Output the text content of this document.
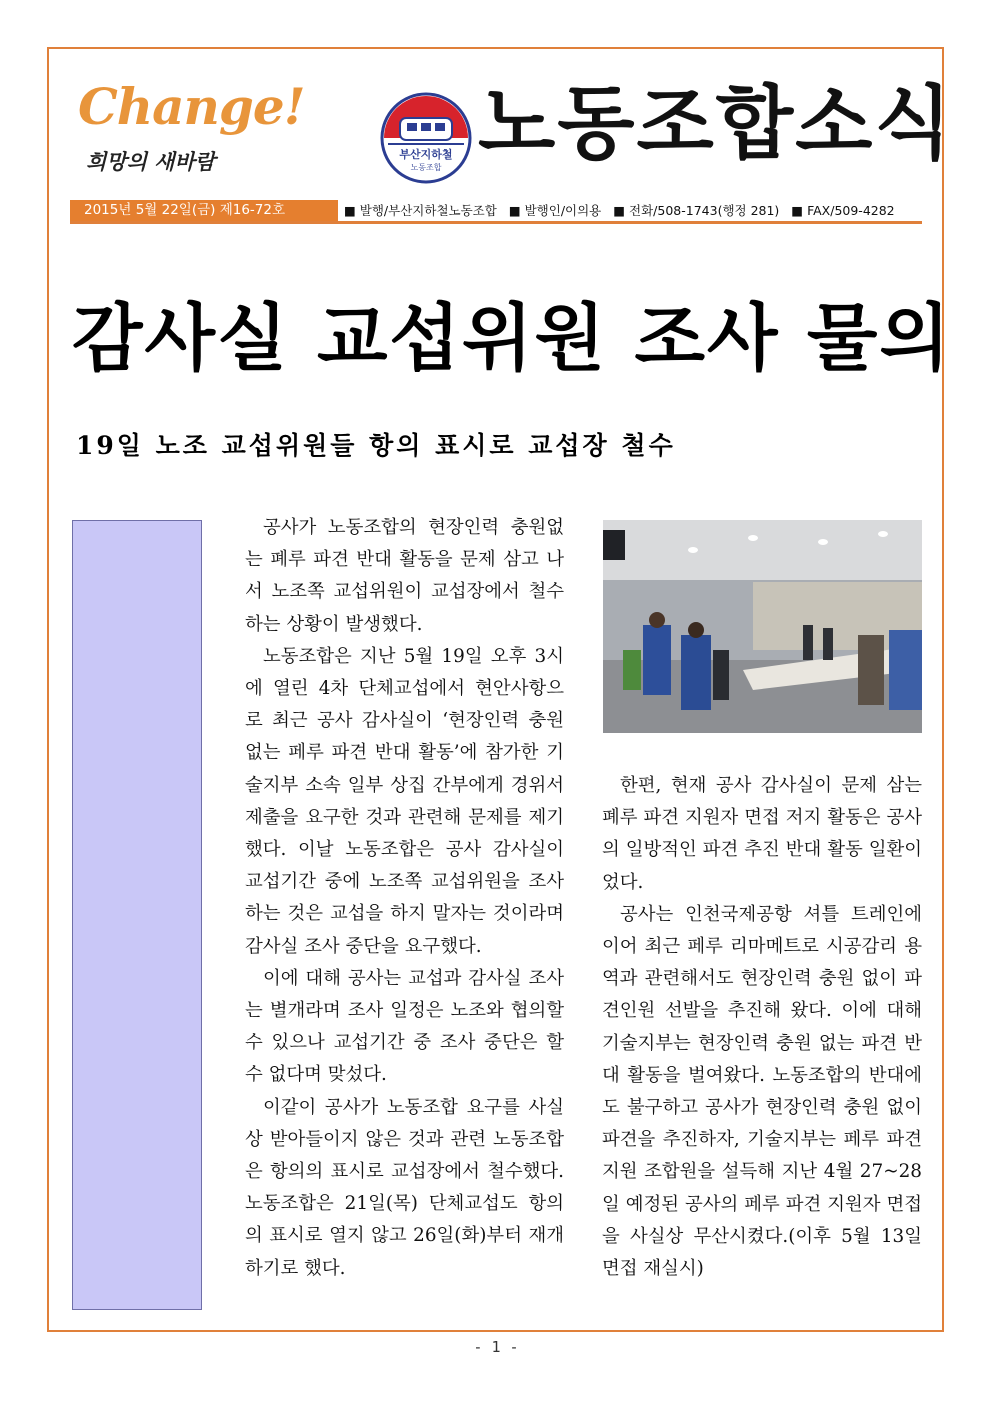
Change!
희망의 새바람	부산지하철
노동조합 노동조합소식
2015년 5월 22일(금) 제16-72호	■ 발행/부산지하철노동조합 ■ 발행인/이의용 ■ 전화/508-1743(행정 281) ■ FAX/509-4282
감사실 교섭위원 조사 물의
19일 노조 교섭위원들 항의 표시로 교섭장 철수

공사가 노동조합의 현장인력 충원없는 폐루 파견 반대 활동을 문제 삼고 나서 노조쪽 교섭위원이 교섭장에서 철수하는 상황이 발생했다.

노동조합은 지난 5월 19일 오후 3시에 열린 4차 단체교섭에서 현안사항으로 최근 공사 감사실이 ‘현장인력 충원 없는 페루 파견 반대 활동’에 참가한 기술지부 소속 일부 상집 간부에게 경위서 제출을 요구한 것과 관련해 문제를 제기했다. 이날 노동조합은 공사 감사실이 교섭기간 중에 노조쪽 교섭위원을 조사하는 것은 교섭을 하지 말자는 것이라며 감사실 조사 중단을 요구했다.

이에 대해 공사는 교섭과 감사실 조사는 별개라며 조사 일정은 노조와 협의할 수 있으나 교섭기간 중 조사 중단은 할 수 없다며 맞섰다.

이같이 공사가 노동조합 요구를 사실상 받아들이지 않은 것과 관련 노동조합은 항의의 표시로 교섭장에서 철수했다. 노동조합은 21일(목) 단체교섭도 항의의 표시로 열지 않고 26일(화)부터 재개하기로 했다.

한편, 현재 공사 감사실이 문제 삼는 폐루 파견 지원자 면접 저지 활동은 공사의 일방적인 파견 추진 반대 활동 일환이었다.

공사는 인천국제공항 셔틀 트레인에 이어 최근 페루 리마메트로 시공감리 용역과 관련해서도 현장인력 충원 없이 파견인원 선발을 추진해 왔다. 이에 대해 기술지부는 현장인력 충원 없는 파견 반대 활동을 벌여왔다. 노동조합의 반대에도 불구하고 공사가 현장인력 충원 없이 파견을 추진하자, 기술지부는 페루 파견 지원 조합원을 설득해 지난 4월 27~28일 예정된 공사의 페루 파견 지원자 면접을 사실상 무산시켰다.(이후 5월 13일 면접 재실시)

- 1 -
